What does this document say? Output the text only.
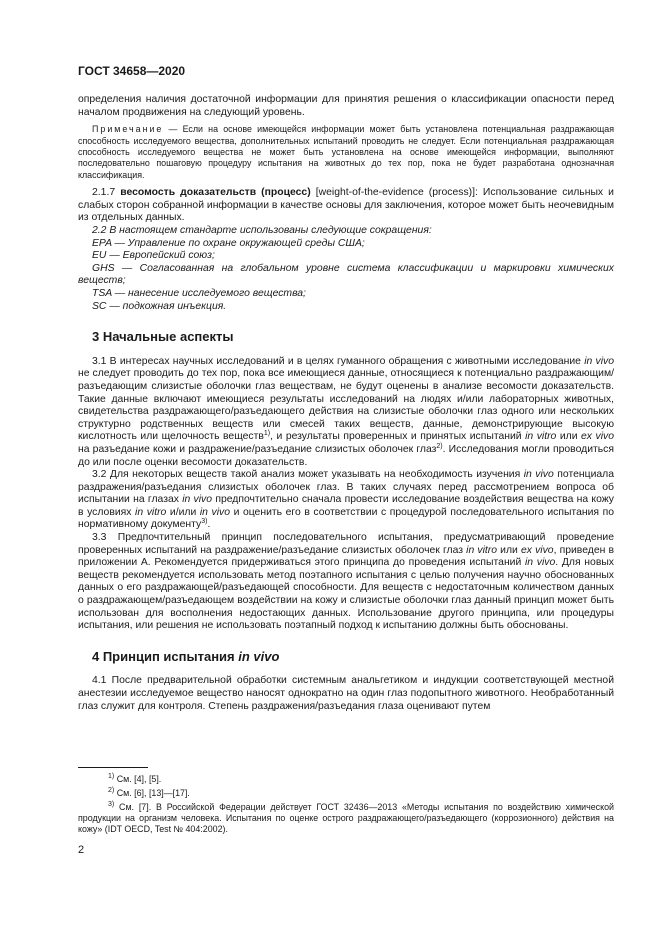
ГОСТ 34658—2020

определения наличия достаточной информации для принятия решения о классификации опасности перед началом продвижения на следующий уровень.

Примечание — Если на основе имеющейся информации может быть установлена потенциальная раздражающая способность исследуемого вещества, дополнительных испытаний проводить не следует. Если потенциальная раздражающая способность исследуемого вещества не может быть установлена на основе имеющейся информации, выполняют последовательно пошаговую процедуру испытания на животных до тех пор, пока не будет разработана однозначная классификация.

2.1.7 весомость доказательств (процесс) [weight-of-the-evidence (process)]: Использование сильных и слабых сторон собранной информации в качестве основы для заключения, которое может быть неочевидным из отдельных данных.

2.2 В настоящем стандарте использованы следующие сокращения:

EPA — Управление по охране окружающей среды США;

EU — Европейский союз;

GHS — Согласованная на глобальном уровне система классификации и маркировки химических веществ;

TSA — нанесение исследуемого вещества;

SC — подкожная инъекция.

3 Начальные аспекты

3.1 В интересах научных исследований и в целях гуманного обращения с животными исследование in vivo не следует проводить до тех пор, пока все имеющиеся данные, относящиеся к потенциально раздражающим/разъедающим слизистые оболочки глаз веществам, не будут оценены в анализе весомости доказательств. Такие данные включают имеющиеся результаты исследований на людях и/или лабораторных животных, свидетельства раздражающего/разъедающего действия на слизистые оболочки глаз одного или нескольких структурно родственных веществ или смесей таких веществ, данные, демонстрирующие высокую кислотность или щелочность веществ$^{1)}$, и результаты проверенных и принятых испытаний in vitro или ex vivo на разъедание кожи и раздражение/разъедание слизистых оболочек глаз$^{2)}$. Исследования могли проводиться до или после оценки весомости доказательств.

3.2 Для некоторых веществ такой анализ может указывать на необходимость изучения in vivo потенциала раздражения/разъедания слизистых оболочек глаз. В таких случаях перед рассмотрением вопроса об испытании на глазах in vivo предпочтительно сначала провести исследование воздействия вещества на кожу в условиях in vitro и/или in vivo и оценить его в соответствии с процедурой последовательного испытания по нормативному документу$^{3)}$.

3.3 Предпочтительный принцип последовательного испытания, предусматривающий проведение проверенных испытаний на раздражение/разъедание слизистых оболочек глаз in vitro или ex vivo, приведен в приложении А. Рекомендуется придерживаться этого принципа до проведения испытаний in vivo. Для новых веществ рекомендуется использовать метод поэтапного испытания с целью получения научно обоснованных данных о его раздражающей/разъедающей способности. Для веществ с недостаточным количеством данных о раздражающем/разъедающем воздействии на кожу и слизистые оболочки глаз данный принцип может быть использован для восполнения недостающих данных. Использование другого принципа, или процедуры испытания, или решения не использовать поэтапный подход к испытанию должны быть обоснованы.

4 Принцип испытания in vivo

4.1 После предварительной обработки системным анальгетиком и индукции соответствующей местной анестезии исследуемое вещество наносят однократно на один глаз подопытного животного. Необработанный глаз служит для контроля. Степень раздражения/разъедания глаза оценивают путем

$^{1)}$ См. [4], [5].

$^{2)}$ См. [6], [13]—[17].

$^{3)}$ См. [7]. В Российской Федерации действует ГОСТ 32436—2013 «Методы испытания по воздействию химической продукции на организм человека. Испытания по оценке острого раздражающего/разъедающего (коррозионного) действия на кожу» (IDT OECD, Test № 404:2002).

2
